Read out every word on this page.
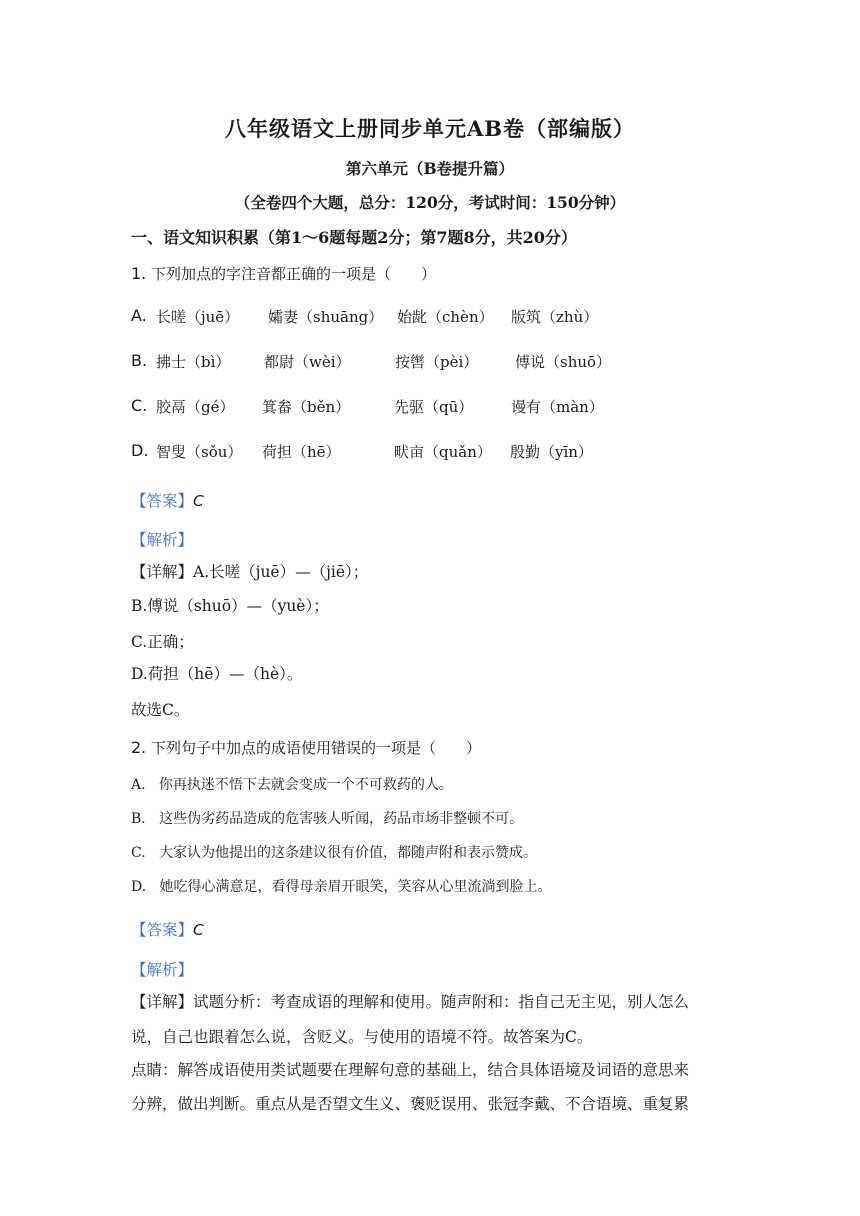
八年级语文上册同步单元AB卷（部编版）
第六单元（B卷提升篇）
（全卷四个大题，总分：120分，考试时间：150分钟）
一、语文知识积累（第1～6题每题2分；第7题8分，共20分）
1. 下列加点的字注音都正确的一项是（　　）
A. 长嗟（juē） 孀妻（shuāng） 始龀（chèn） 版筑（zhù）
B. 拂士（bì） 都尉（wèi）	按辔（pèi） 傅说（shuō）
C. 胶鬲（gé） 箕畚（běn）	先驱（qū）	谩有（màn）
D. 智叟（sǒu） 荷担（hē）	畎亩（quǎn） 殷勤（yīn）
【答案】C
【解析】
【详解】A.长嗟（juē）—（jiē）；
B.傅说（shuō）—（yuè）；
C.正确；
D.荷担（hē）—（hè）。
故选C。
2. 下列句子中加点的成语使用错误的一项是（　　）
A. 你再执迷不悟下去就会变成一个不可救药的人。
B. 这些伪劣药品造成的危害骇人听闻，药品市场非整顿不可。
C. 大家认为他提出的这条建议很有价值，都随声附和表示赞成。
D. 她吃得心满意足，看得母亲眉开眼笑，笑容从心里流淌到脸上。
【答案】C
【解析】
【详解】试题分析：考查成语的理解和使用。随声附和：指自己无主见，别人怎么
说，自己也跟着怎么说，含贬义。与使用的语境不符。故答案为C。
点睛：解答成语使用类试题要在理解句意的基础上，结合具体语境及词语的意思来
分辨，做出判断。重点从是否望文生义、褒贬误用、张冠李戴、不合语境、重复累
